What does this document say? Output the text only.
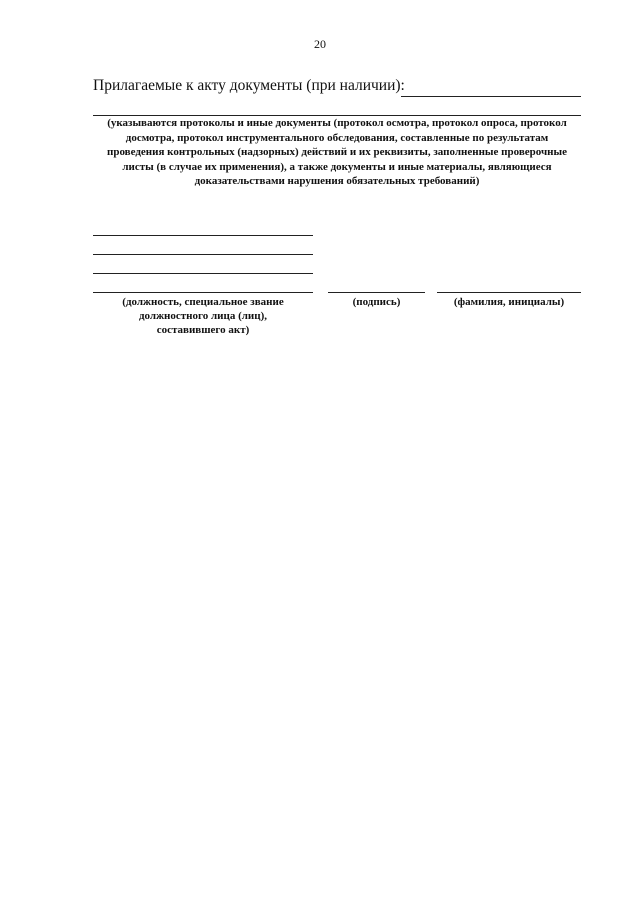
20
Прилагаемые к акту документы (при наличии):
(указываются протоколы и иные документы (протокол осмотра, протокол опроса, протокол
досмотра, протокол инструментального обследования, составленные по результатам
проведения контрольных (надзорных) действий и их реквизиты, заполненные проверочные
листы (в случае их применения), а также документы и иные материалы, являющиеся
доказательствами нарушения обязательных требований)
(должность, специальное звание
должностного лица (лиц),
составившего акт)
(подпись)	(фамилия, инициалы)
